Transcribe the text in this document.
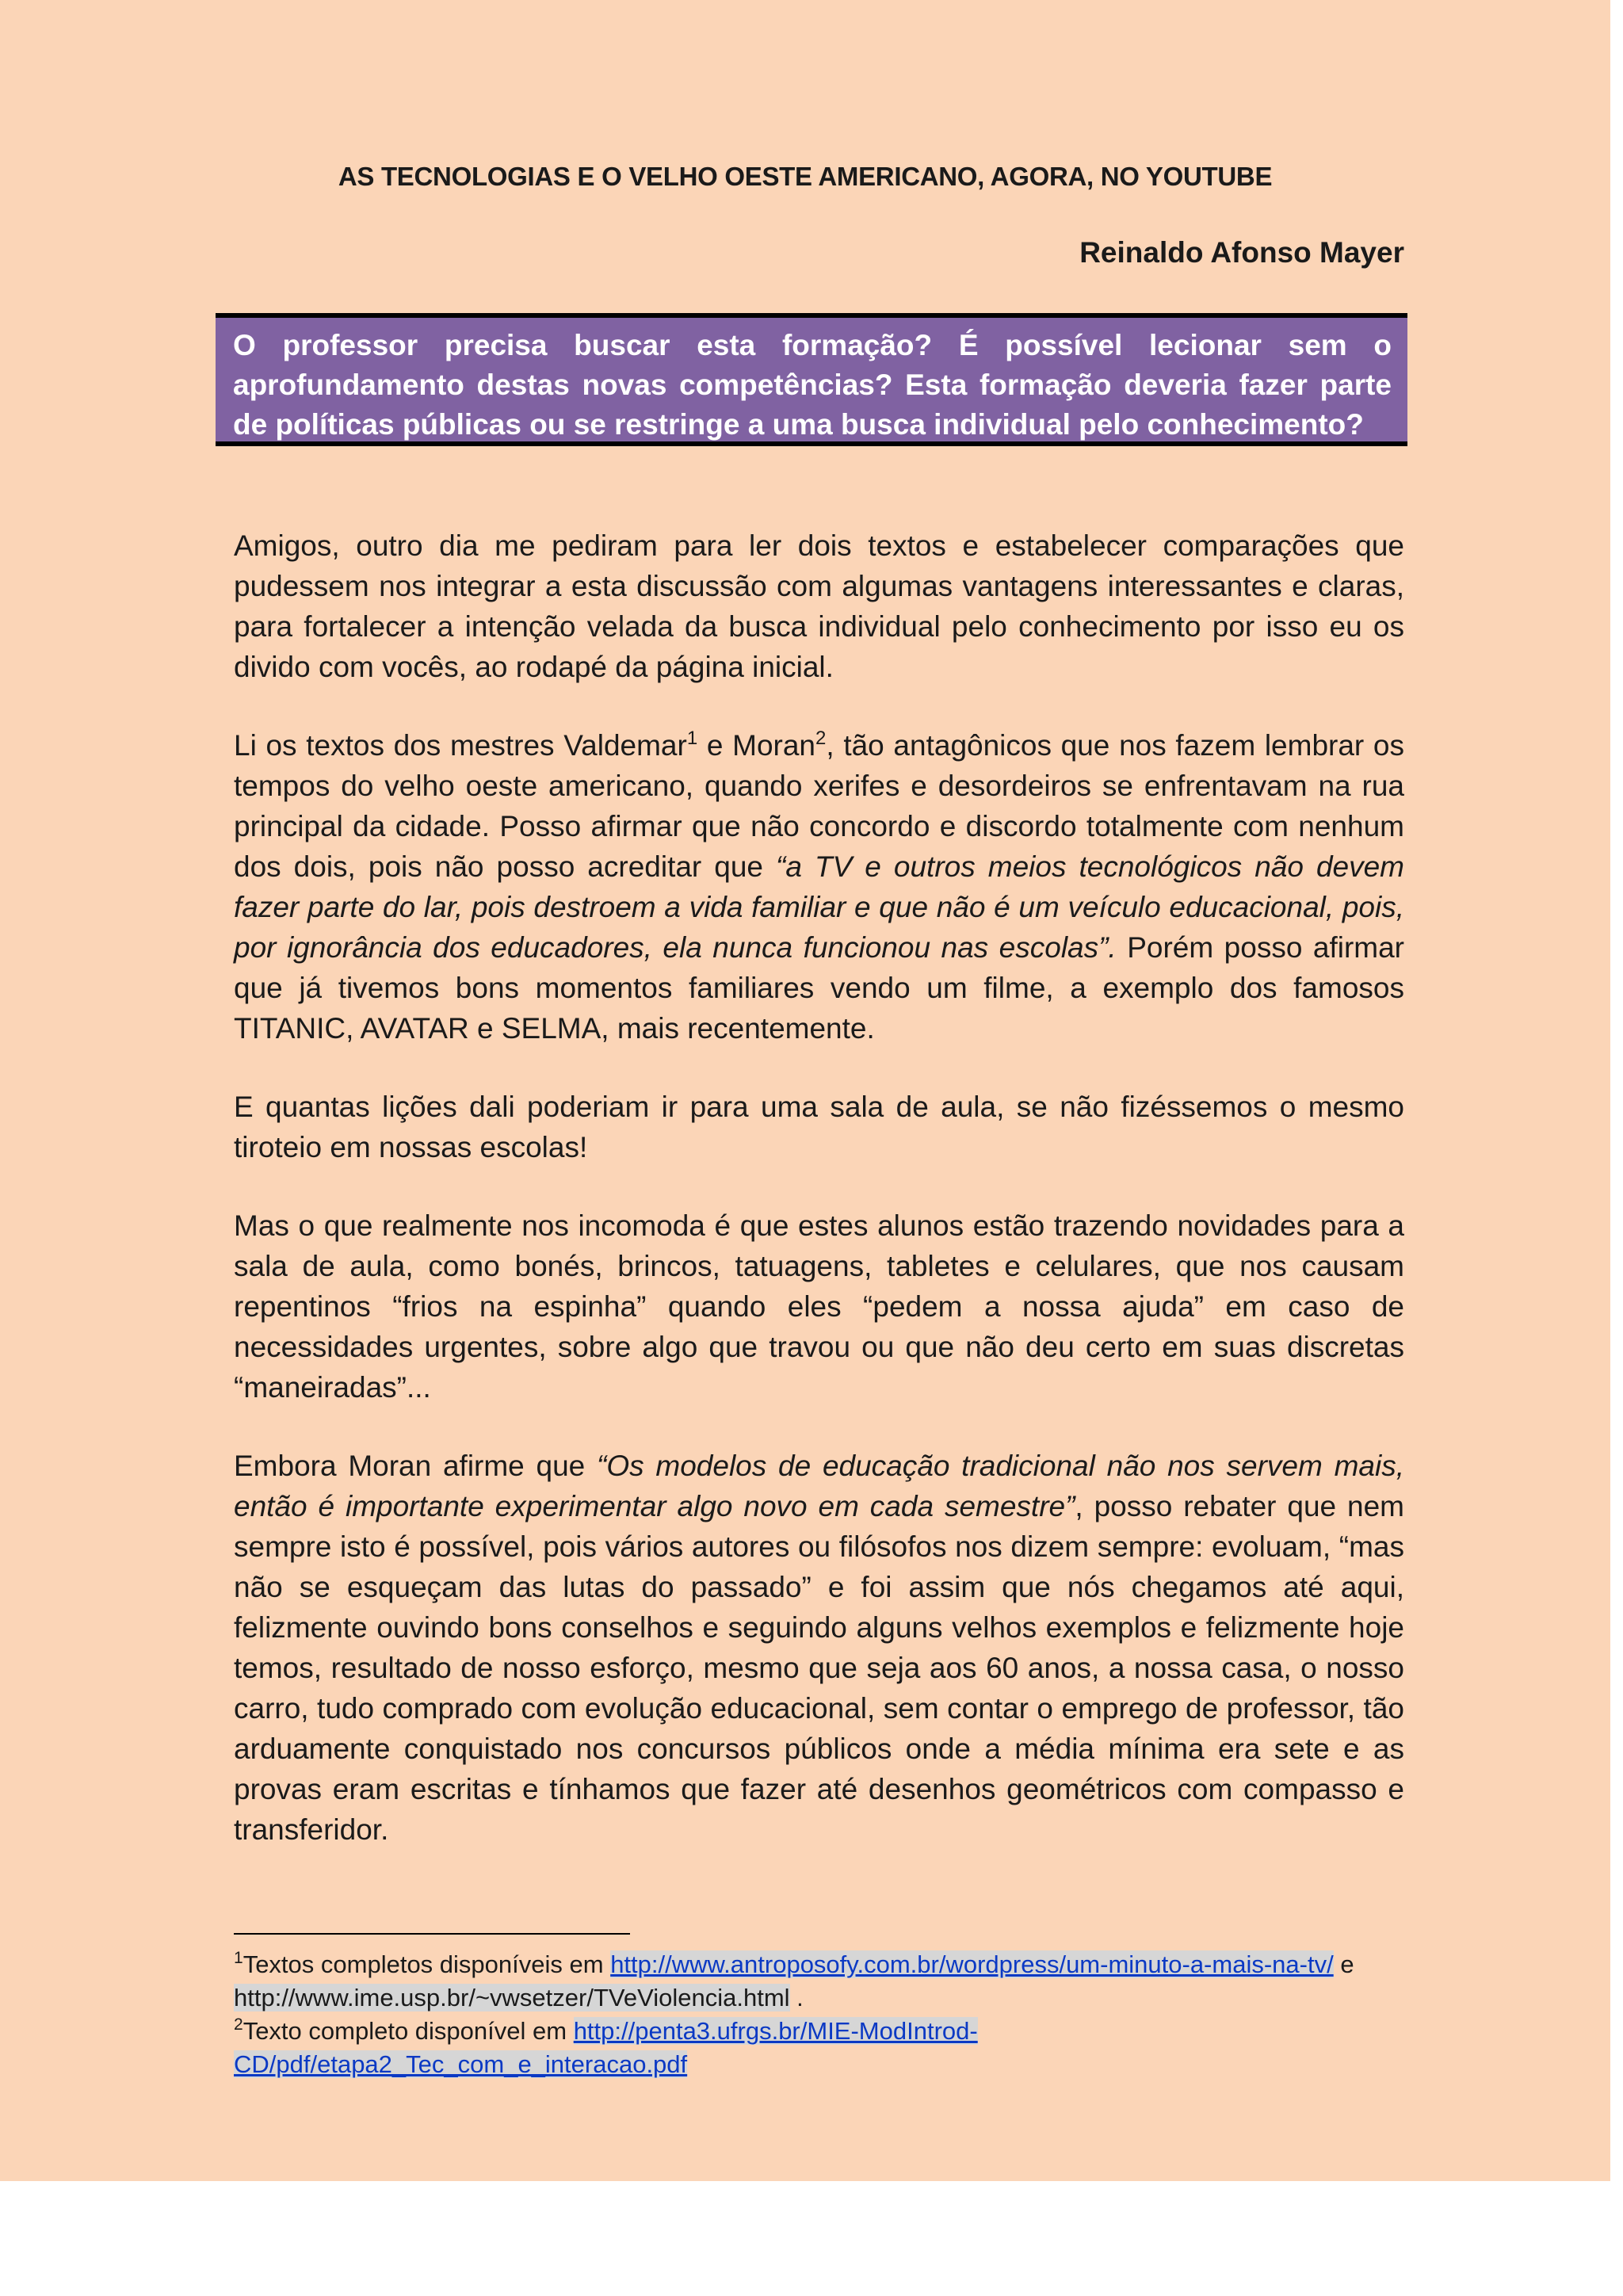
AS TECNOLOGIAS E O VELHO OESTE AMERICANO, AGORA, NO YOUTUBE
Reinaldo Afonso Mayer
O professor precisa buscar esta formação? É possível lecionar sem o aprofundamento destas novas competências? Esta formação deveria fazer parte de políticas públicas ou se restringe a uma busca individual pelo conhecimento?

Amigos, outro dia me pediram para ler dois textos e estabelecer comparações que pudessem nos integrar a esta discussão com algumas vantagens interessantes e claras, para fortalecer a intenção velada da busca individual pelo conhecimento por isso eu os divido com vocês, ao rodapé da página inicial.

Li os textos dos mestres Valdemar$^1$ e Moran$^2$, tão antagônicos que nos fazem lembrar os tempos do velho oeste americano, quando xerifes e desordeiros se enfrentavam na rua principal da cidade. Posso afirmar que não concordo e discordo totalmente com nenhum dos dois, pois não posso acreditar que “a TV e outros meios tecnológicos não devem fazer parte do lar, pois destroem a vida familiar e que não é um veículo educacional, pois, por ignorância dos educadores, ela nunca funcionou nas escolas”. Porém posso afirmar que já tivemos bons momentos familiares vendo um filme, a exemplo dos famosos TITANIC, AVATAR e SELMA, mais recentemente.

E quantas lições dali poderiam ir para uma sala de aula, se não fizéssemos o mesmo tiroteio em nossas escolas!

Mas o que realmente nos incomoda é que estes alunos estão trazendo novidades para a sala de aula, como bonés, brincos, tatuagens, tabletes e celulares, que nos causam repentinos “frios na espinha” quando eles “pedem a nossa ajuda” em caso de necessidades urgentes, sobre algo que travou ou que não deu certo em suas discretas “maneiradas”...

Embora Moran afirme que “Os modelos de educação tradicional não nos servem mais, então é importante experimentar algo novo em cada semestre”, posso rebater que nem sempre isto é possível, pois vários autores ou filósofos nos dizem sempre: evoluam, “mas não se esqueçam das lutas do passado” e foi assim que nós chegamos até aqui, felizmente ouvindo bons conselhos e seguindo alguns velhos exemplos e felizmente hoje temos, resultado de nosso esforço, mesmo que seja aos 60 anos, a nossa casa, o nosso carro, tudo comprado com evolução educacional, sem contar o emprego de professor, tão arduamente conquistado nos concursos públicos onde a média mínima era sete e as provas eram escritas e tínhamos que fazer até desenhos geométricos com compasso e transferidor.

$^1$Textos completos disponíveis em http://www.antroposofy.com.br/wordpress/um-minuto-a-mais-na-tv/ e http://www.ime.usp.br/~vwsetzer/TVeViolencia.html .

$^2$Texto completo disponível em http://penta3.ufrgs.br/MIE-ModIntrod-CD/pdf/etapa2_Tec_com_e_interacao.pdf
